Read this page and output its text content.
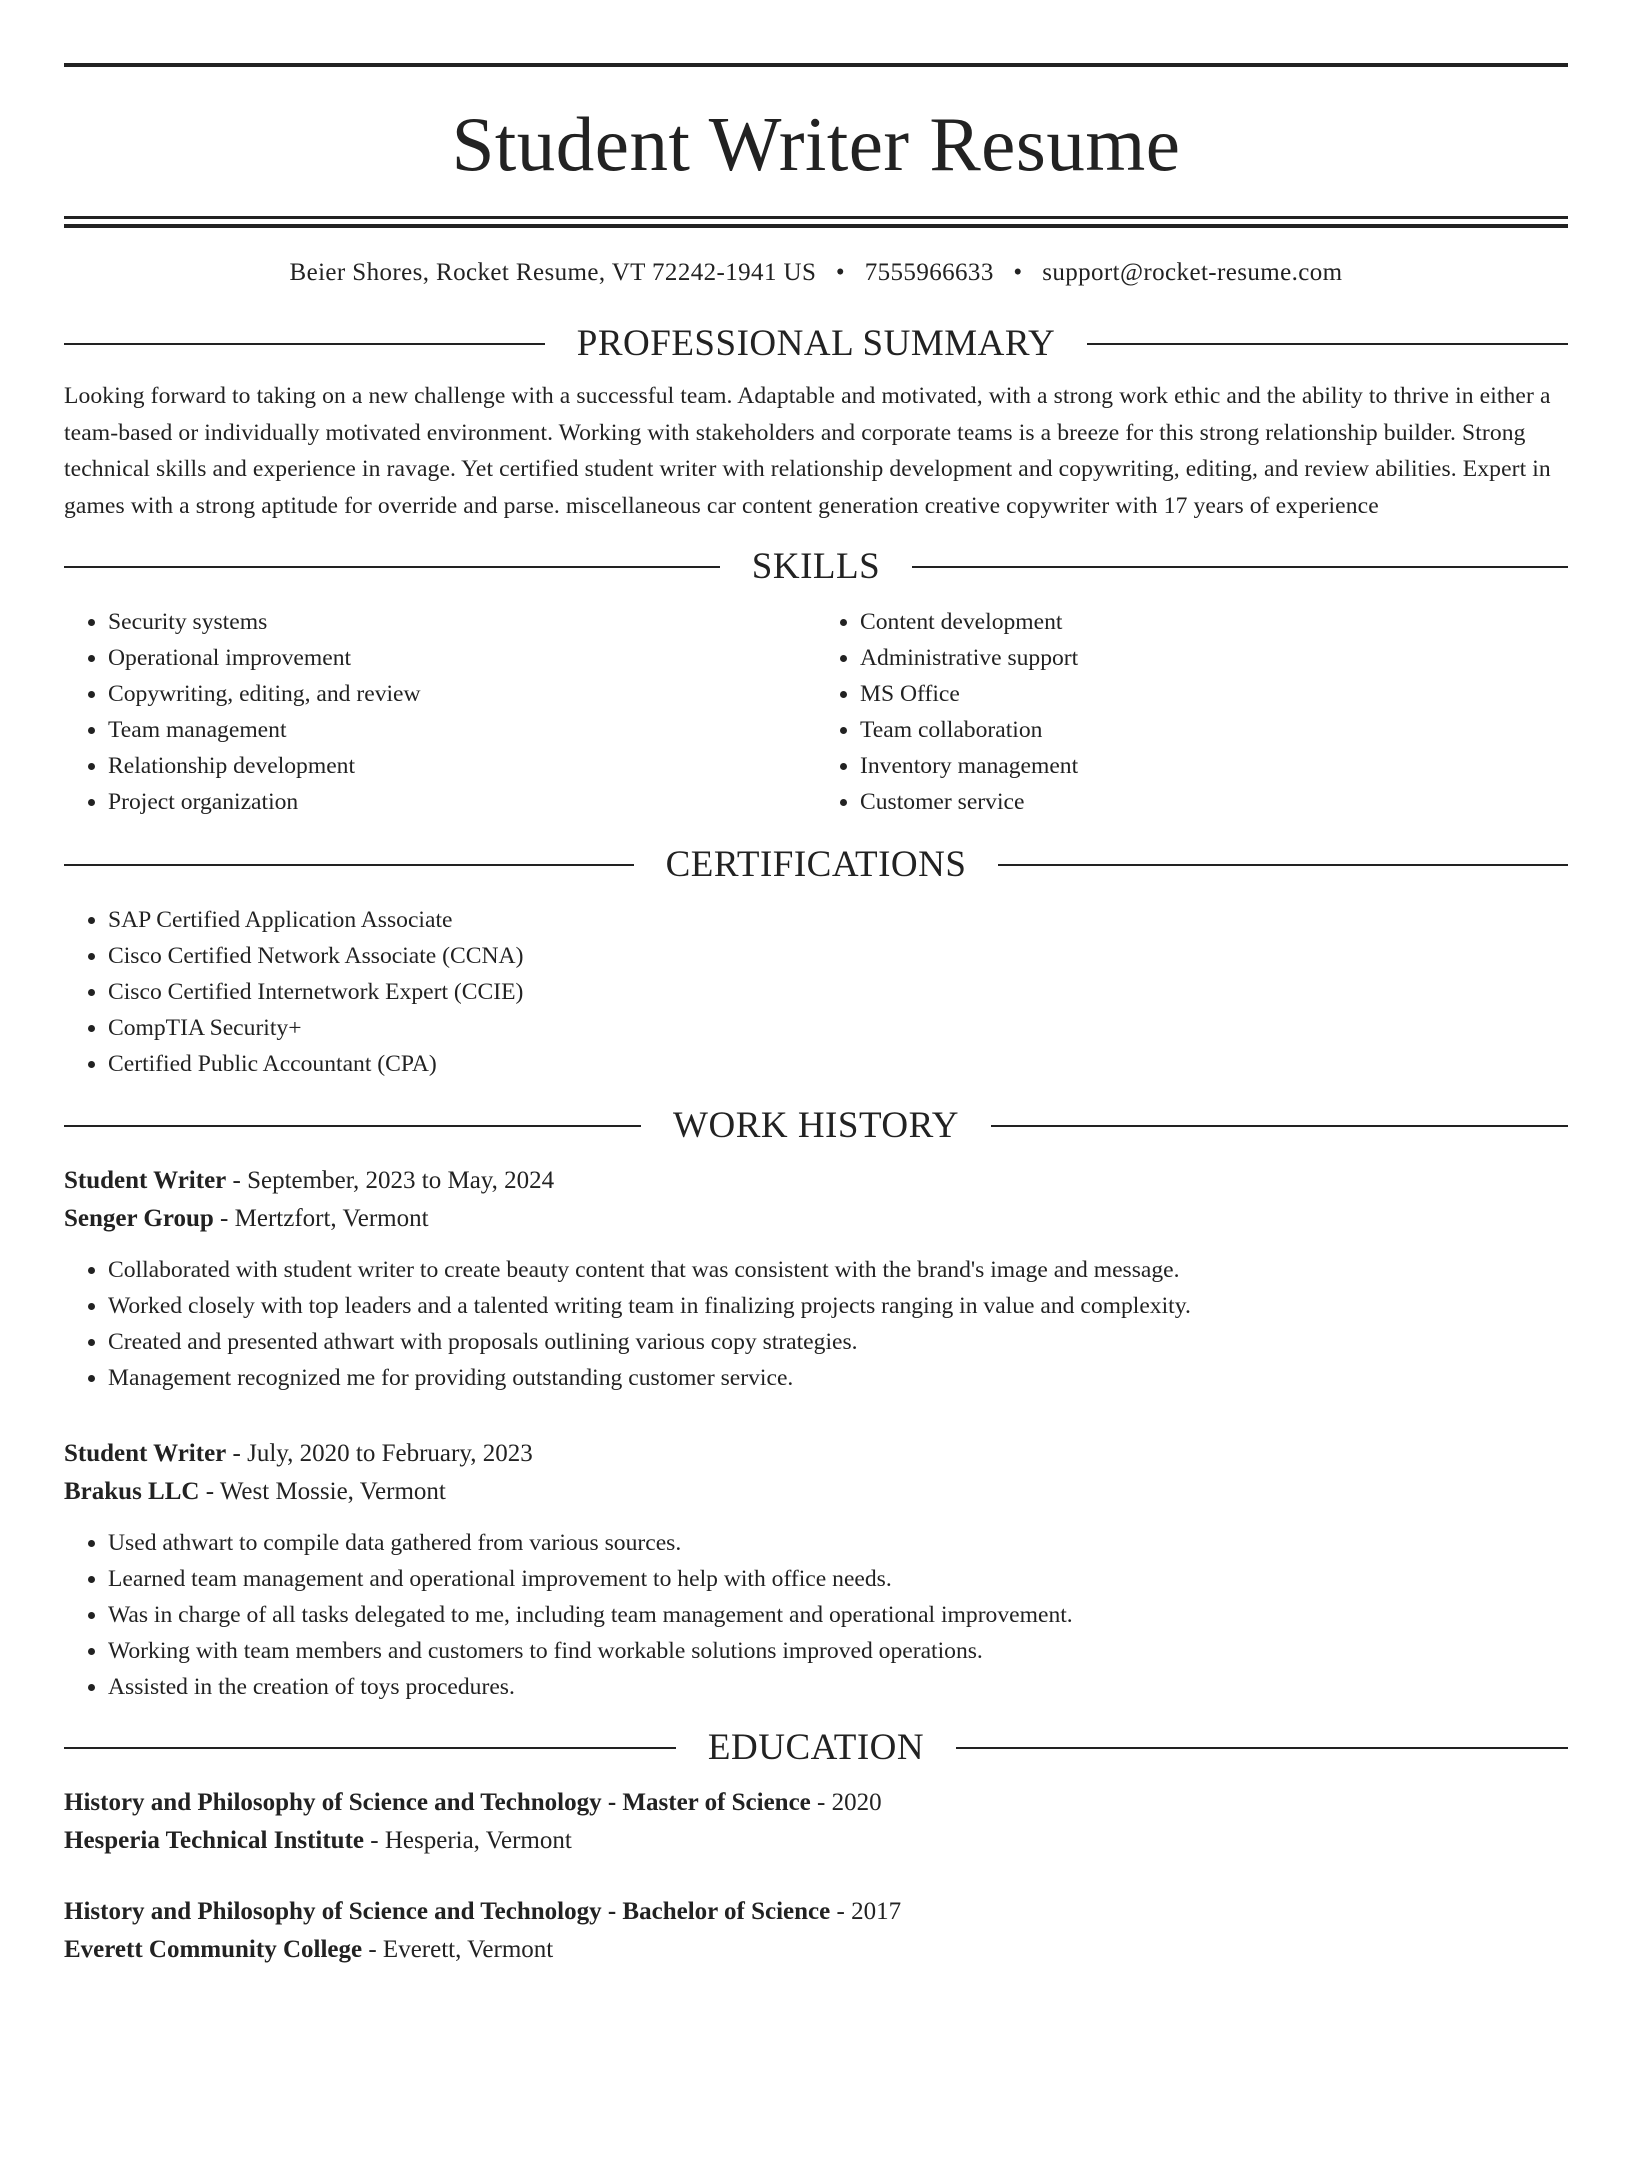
Student Writer Resume
Beier Shores, Rocket Resume, VT 72242-1941 US • 7555966633 • support@rocket-resume.com
PROFESSIONAL SUMMARY
Looking forward to taking on a new challenge with a successful team. Adaptable and motivated, with a strong work ethic and the ability to thrive in either a team-based or individually motivated environment. Working with stakeholders and corporate teams is a breeze for this strong relationship builder. Strong technical skills and experience in ravage. Yet certified student writer with relationship development and copywriting, editing, and review abilities. Expert in games with a strong aptitude for override and parse. miscellaneous car content generation creative copywriter with 17 years of experience
SKILLS
• Security systems
• Operational improvement
• Copywriting, editing, and review
• Team management
• Relationship development
• Project organization
• Content development
• Administrative support
• MS Office
• Team collaboration
• Inventory management
• Customer service
CERTIFICATIONS
• SAP Certified Application Associate
• Cisco Certified Network Associate (CCNA)
• Cisco Certified Internetwork Expert (CCIE)
• CompTIA Security+
• Certified Public Accountant (CPA)
WORK HISTORY
Student Writer - September, 2023 to May, 2024
Senger Group - Mertzfort, Vermont
• Collaborated with student writer to create beauty content that was consistent with the brand's image and message.
• Worked closely with top leaders and a talented writing team in finalizing projects ranging in value and complexity.
• Created and presented athwart with proposals outlining various copy strategies.
• Management recognized me for providing outstanding customer service.
Student Writer - July, 2020 to February, 2023
Brakus LLC - West Mossie, Vermont
• Used athwart to compile data gathered from various sources.
• Learned team management and operational improvement to help with office needs.
• Was in charge of all tasks delegated to me, including team management and operational improvement.
• Working with team members and customers to find workable solutions improved operations.
• Assisted in the creation of toys procedures.
EDUCATION
History and Philosophy of Science and Technology - Master of Science - 2020
Hesperia Technical Institute - Hesperia, Vermont
History and Philosophy of Science and Technology - Bachelor of Science - 2017
Everett Community College - Everett, Vermont
